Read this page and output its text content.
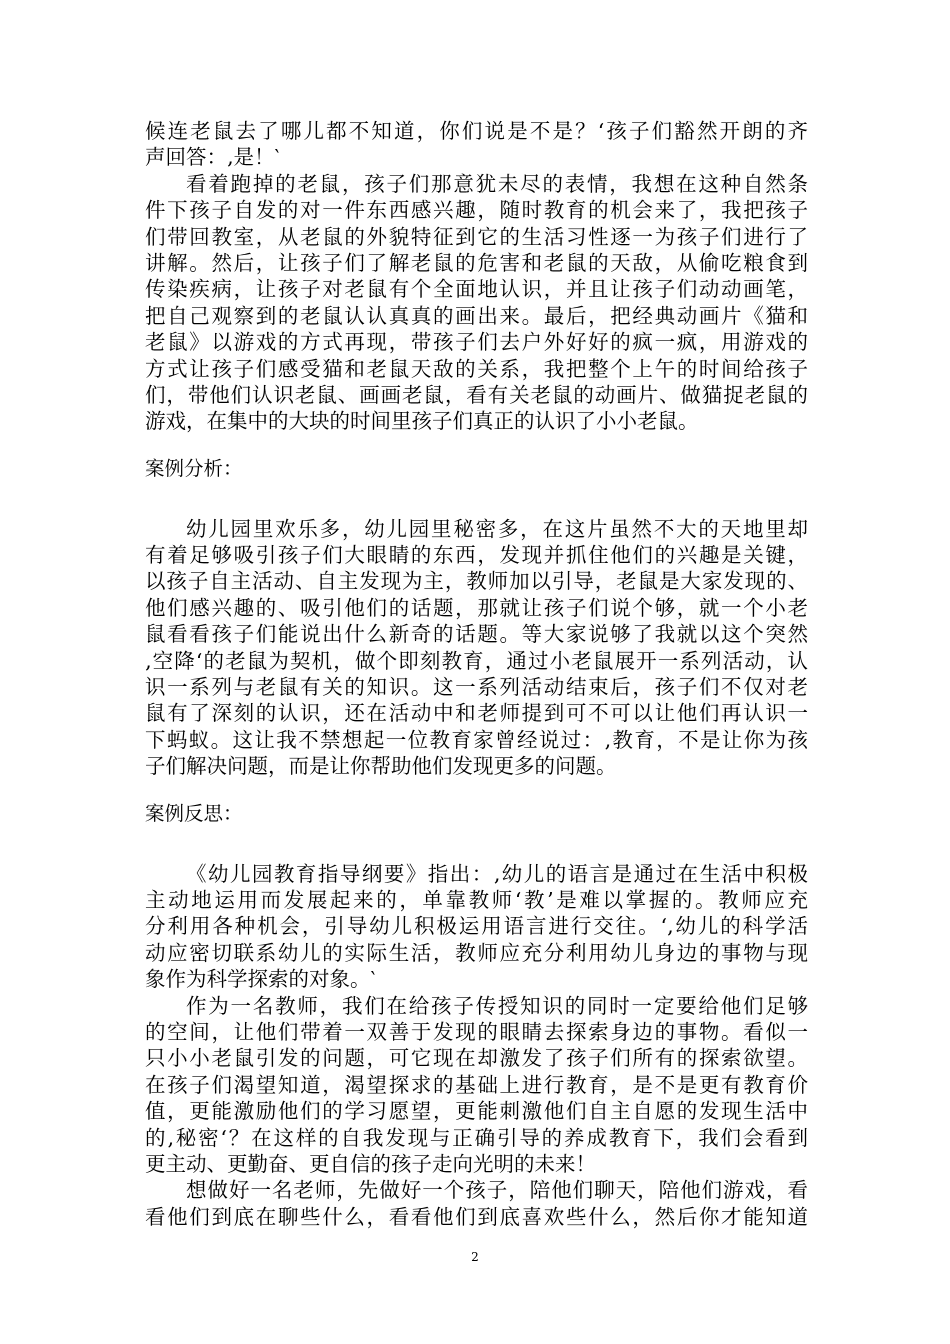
候连老鼠去了哪儿都不知道，你们说是不是？‘孩子们豁然开朗的齐
声回答：‚是！‵
看着跑掉的老鼠，孩子们那意犹未尽的表情，我想在这种自然条
件下孩子自发的对一件东西感兴趣，随时教育的机会来了，我把孩子
们带回教室，从老鼠的外貌特征到它的生活习性逐一为孩子们进行了
讲解。然后，让孩子们了解老鼠的危害和老鼠的天敌，从偷吃粮食到
传染疾病，让孩子对老鼠有个全面地认识，并且让孩子们动动画笔，
把自己观察到的老鼠认认真真的画出来。最后，把经典动画片《猫和
老鼠》以游戏的方式再现，带孩子们去户外好好的疯一疯，用游戏的
方式让孩子们感受猫和老鼠天敌的关系，我把整个上午的时间给孩子
们，带他们认识老鼠、画画老鼠，看有关老鼠的动画片、做猫捉老鼠的
游戏，在集中的大块的时间里孩子们真正的认识了小小老鼠。
案例分析：
幼儿园里欢乐多，幼儿园里秘密多，在这片虽然不大的天地里却
有着足够吸引孩子们大眼睛的东西，发现并抓住他们的兴趣是关键，
以孩子自主活动、自主发现为主，教师加以引导，老鼠是大家发现的、
他们感兴趣的、吸引他们的话题，那就让孩子们说个够，就一个小老
鼠看看孩子们能说出什么新奇的话题。等大家说够了我就以这个突然
‚空降‘的老鼠为契机，做个即刻教育，通过小老鼠展开一系列活动，认
识一系列与老鼠有关的知识。这一系列活动结束后，孩子们不仅对老
鼠有了深刻的认识，还在活动中和老师提到可不可以让他们再认识一
下蚂蚁。这让我不禁想起一位教育家曾经说过：‚教育，不是让你为孩
子们解决问题，而是让你帮助他们发现更多的问题。
案例反思：
《幼儿园教育指导纲要》指出：‚幼儿的语言是通过在生活中积极
主动地运用而发展起来的，单靠教师‘教’是难以掌握的。教师应充
分利用各种机会，引导幼儿积极运用语言进行交往。‘‚幼儿的科学活
动应密切联系幼儿的实际生活，教师应充分利用幼儿身边的事物与现
象作为科学探索的对象。‵
作为一名教师，我们在给孩子传授知识的同时一定要给他们足够
的空间，让他们带着一双善于发现的眼睛去探索身边的事物。看似一
只小小老鼠引发的问题，可它现在却激发了孩子们所有的探索欲望。
在孩子们渴望知道，渴望探求的基础上进行教育，是不是更有教育价
值，更能激励他们的学习愿望，更能刺激他们自主自愿的发现生活中
的‚秘密‘？在这样的自我发现与正确引导的养成教育下，我们会看到
更主动、更勤奋、更自信的孩子走向光明的未来！
想做好一名老师，先做好一个孩子，陪他们聊天，陪他们游戏，看
看他们到底在聊些什么，看看他们到底喜欢些什么，然后你才能知道
2
